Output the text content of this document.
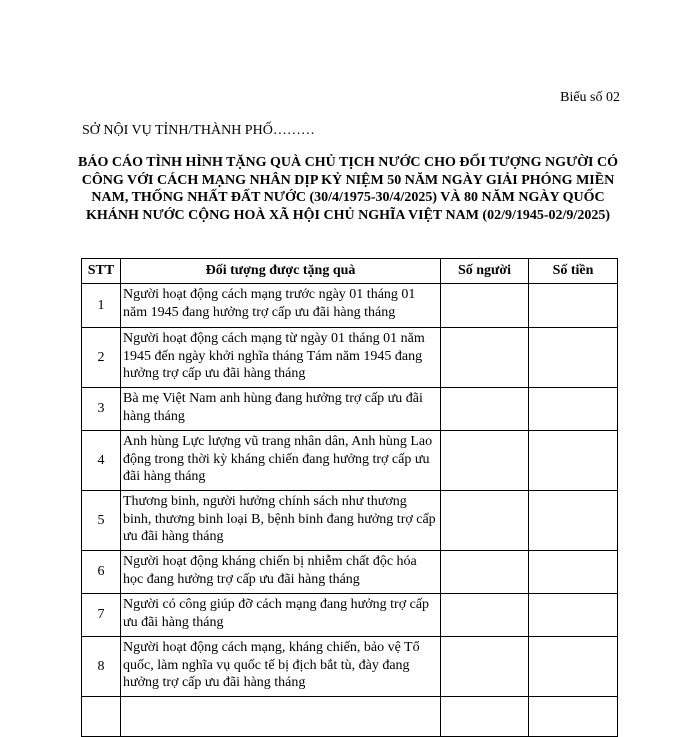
Biểu số 02
SỞ NỘI VỤ TỈNH/THÀNH PHỐ………
BÁO CÁO TÌNH HÌNH TẶNG QUÀ CHỦ TỊCH NƯỚC CHO ĐỐI TƯỢNG NGƯỜI CÓ CÔNG VỚI CÁCH MẠNG NHÂN DỊP KỶ NIỆM 50 NĂM NGÀY GIẢI PHÓNG MIỀN NAM, THỐNG NHẤT ĐẤT NƯỚC (30/4/1975-30/4/2025) VÀ 80 NĂM NGÀY QUỐC KHÁNH NƯỚC CỘNG HOÀ XÃ HỘI CHỦ NGHĨA VIỆT NAM (02/9/1945-02/9/2025)
STT	Đối tượng được tặng quà	Số người	Số tiền
1	Người hoạt động cách mạng trước ngày 01 tháng 01 năm 1945 đang hưởng trợ cấp ưu đãi hàng tháng		
2	Người hoạt động cách mạng từ ngày 01 tháng 01 năm 1945 đến ngày khởi nghĩa tháng Tám năm 1945 đang hưởng trợ cấp ưu đãi hàng tháng		
3	Bà mẹ Việt Nam anh hùng đang hưởng trợ cấp ưu đãi hàng tháng		
4	Anh hùng Lực lượng vũ trang nhân dân, Anh hùng Lao động trong thời kỳ kháng chiến đang hưởng trợ cấp ưu đãi hàng tháng		
5	Thương binh, người hưởng chính sách như thương binh, thương binh loại B, bệnh binh đang hưởng trợ cấp ưu đãi hàng tháng		
6	Người hoạt động kháng chiến bị nhiễm chất độc hóa học đang hưởng trợ cấp ưu đãi hàng tháng		
7	Người có công giúp đỡ cách mạng đang hưởng trợ cấp ưu đãi hàng tháng		
8	Người hoạt động cách mạng, kháng chiến, bảo vệ Tổ quốc, làm nghĩa vụ quốc tế bị địch bắt tù, đày đang hưởng trợ cấp ưu đãi hàng tháng		
